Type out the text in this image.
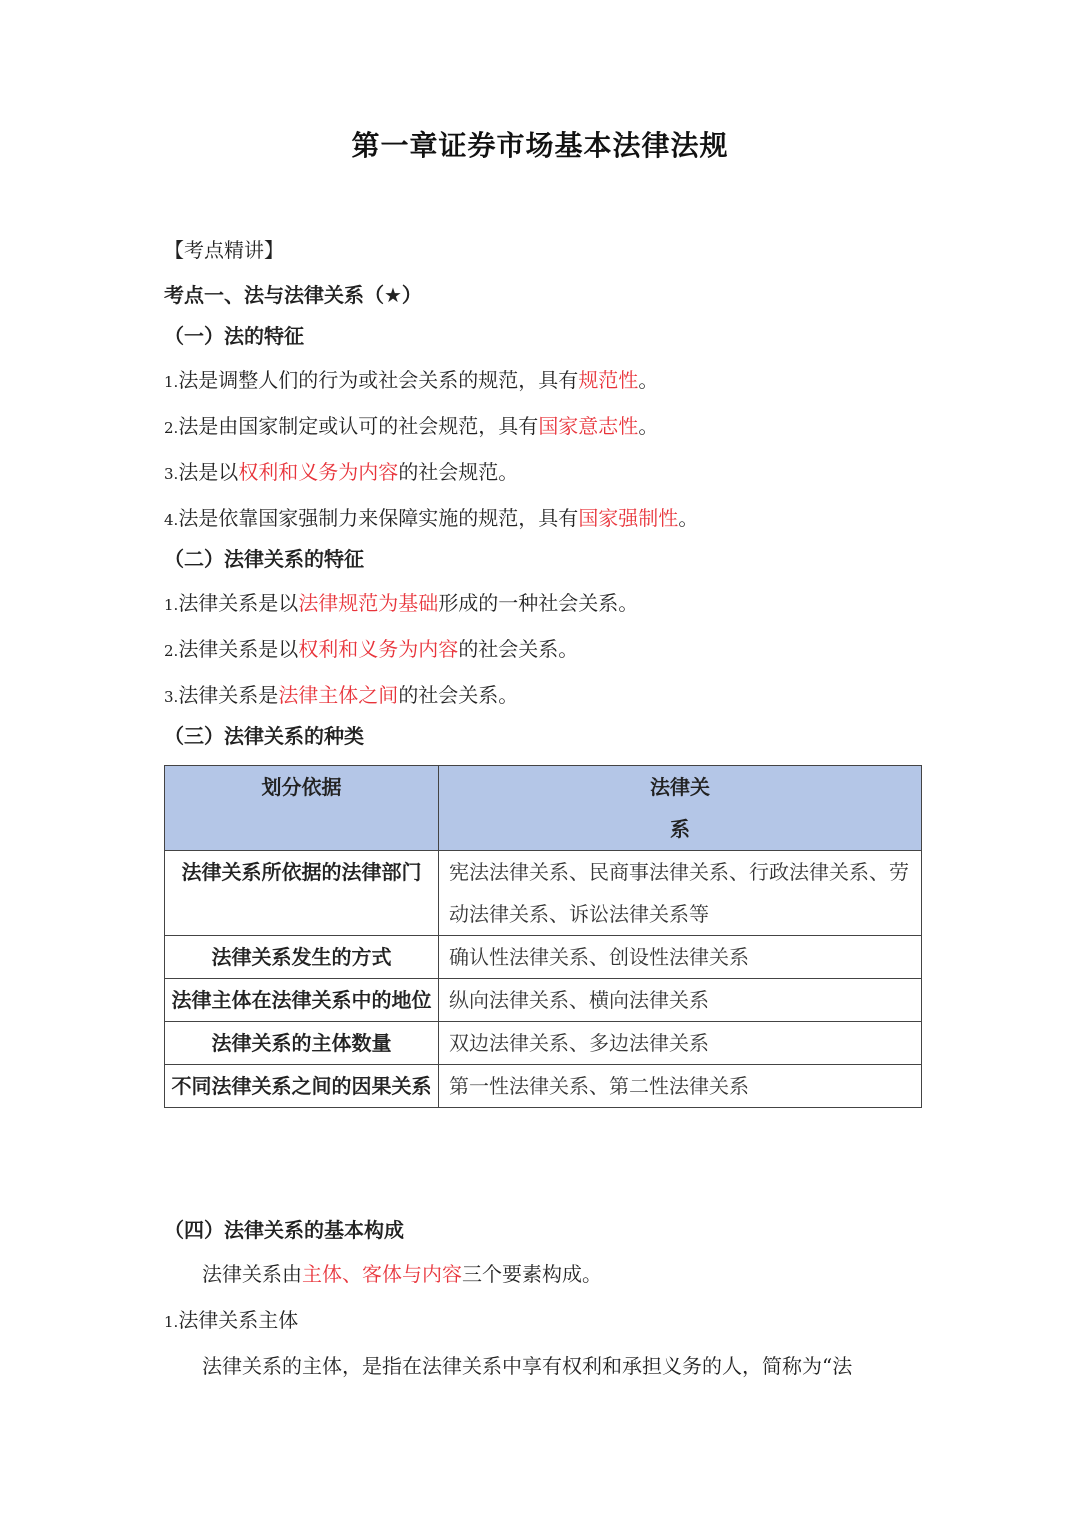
第一章证券市场基本法律法规
【考点精讲】
考点一、法与法律关系（★）
（一）法的特征
1.法是调整人们的行为或社会关系的规范，具有规范性。
2.法是由国家制定或认可的社会规范，具有国家意志性。
3.法是以权利和义务为内容的社会规范。
4.法是依靠国家强制力来保障实施的规范，具有国家强制性。
（二）法律关系的特征
1.法律关系是以法律规范为基础形成的一种社会关系。
2.法律关系是以权利和义务为内容的社会关系。
3.法律关系是法律主体之间的社会关系。
（三）法律关系的种类
划分依据	法律关系

法律关系所依据的法律部门	宪法法律关系、民商事法律关系、行政法律关系、劳动法律关系、诉讼法律关系等
法律关系发生的方式	确认性法律关系、创设性法律关系
法律主体在法律关系中的地位	纵向法律关系、横向法律关系
法律关系的主体数量	双边法律关系、多边法律关系
不同法律关系之间的因果关系	第一性法律关系、第二性法律关系
（四）法律关系的基本构成
法律关系由主体、客体与内容三个要素构成。
1.法律关系主体
法律关系的主体，是指在法律关系中享有权利和承担义务的人，简称为“法
